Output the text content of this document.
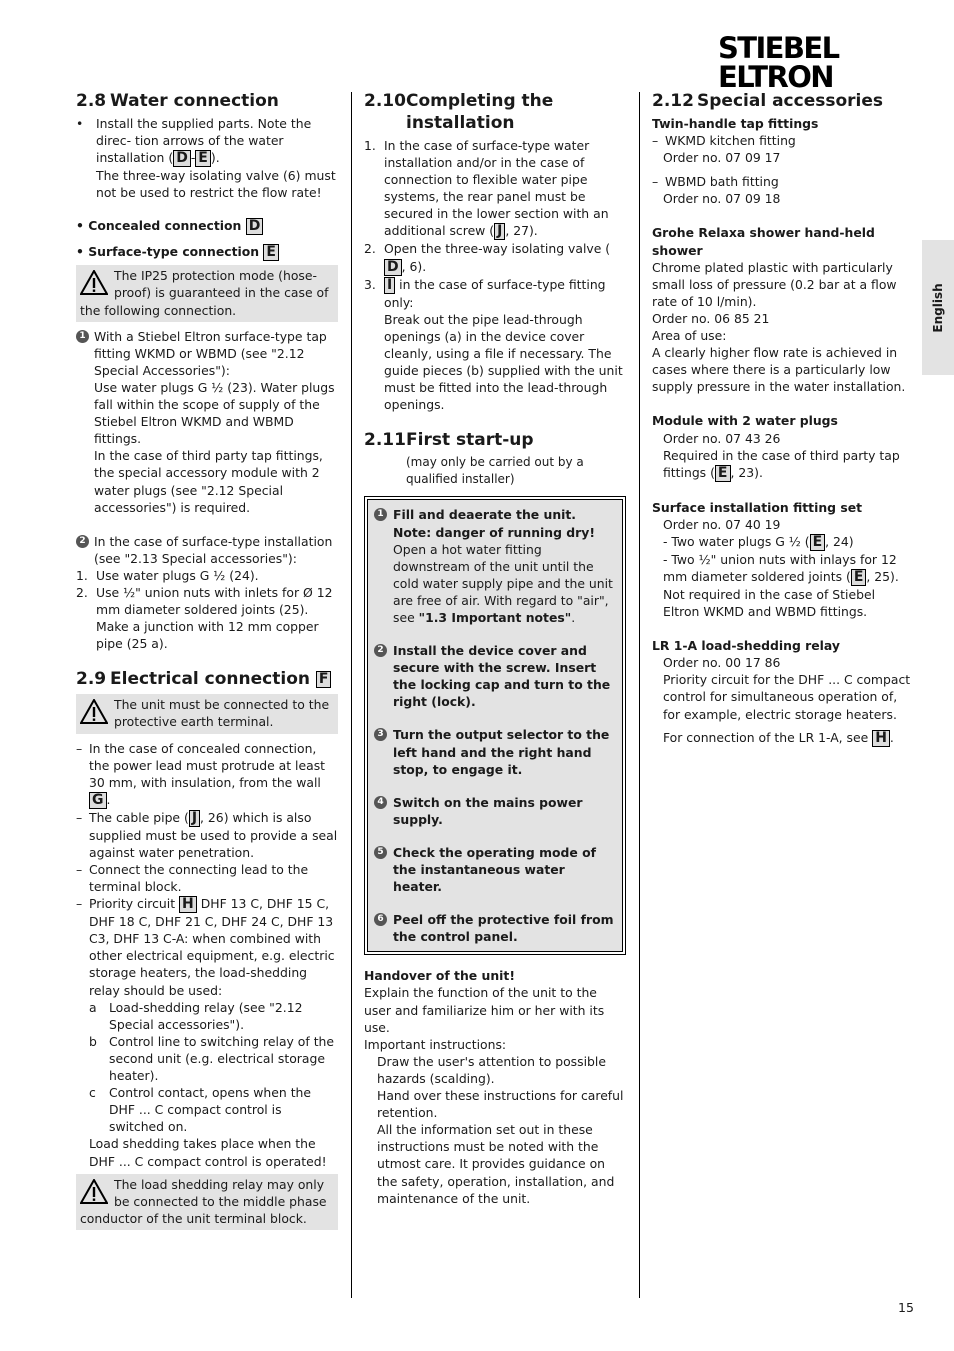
STIEBEL ELTRON
English
2.8 Water connection
• Install the supplied parts. Note the direc- tion arrows of the water installation ( D - E ).

The three-way isolating valve (6) must not be used to restrict the flow rate!

• Concealed connection D

• Surface-type connection E

The IP25 protection mode (hose-proof) is guaranteed in the case of the following connection.
1 With a Stiebel Eltron surface-type tap fitting WKMD or WBMD (see "2.12 Special Accessories"):

Use water plugs G ½ (23). Water plugs fall within the scope of supply of the Stiebel Eltron WKMD and WBMD fittings.

In the case of third party tap fittings, the special accessory module with 2 water plugs (see "2.12 Special accessories") is required.

2 In the case of surface-type installation (see "2.13 Special accessories"):

1. Use water plugs G ½ (24).
2. Use ½" union nuts with inlets for Ø 12 mm diameter soldered joints (25). Make a junction with 12 mm copper pipe (25 a).
2.9 Electrical connection F
The unit must be connected to the protective earth terminal.

– In the case of concealed connection, the power lead must protrude at least 30 mm, with insulation, from the wall G .

– The cable pipe ( J , 26) which is also supplied must be used to provide a seal against water penetration.

– Connect the connecting lead to the terminal block.

– Priority circuit H DHF 13 C, DHF 15 C, DHF 18 C, DHF 21 C, DHF 24 C, DHF 13 C3, DHF 13 C-A: when combined with other electrical equipment, e.g. electric storage heaters, the load-shedding relay should be used:

a Load-shedding relay (see "2.12 Special accessories").
b Control line to switching relay of the second unit (e.g. electrical storage heater).
c Control contact, opens when the DHF ... C compact control is switched on.

Load shedding takes place when the DHF ... C compact control is operated!

The load shedding relay may only be connected to the middle phase conductor of the unit terminal block.
2.10Completing the
installation
1. In the case of surface-type water installation and/or in the case of connection to flexible water pipe systems, the rear panel must be secured in the lower section with an additional screw ( J , 27).
2. Open the three-way isolating valve (D , 6).
3. I in the case of surface-type fitting only:

Break out the pipe lead-through openings (a) in the device cover cleanly, using a file if necessary. The guide pieces (b) supplied with the unit must be fitted into the lead-through openings.

2.11First start-up

(may only be carried out by a qualified installer)

1 Fill and deaerate the unit. Note: danger of running dry! Open a hot water fitting downstream of the unit until the cold water supply pipe and the unit are free of air. With regard to "air", see "1.3 Important notes".
2 Install the device cover and secure with the screw. Insert the locking cap and turn to the right (lock).
3 Turn the output selector to the left hand and the right hand stop, to engage it.
4 Switch on the mains power supply.
5 Check the operating mode of the instantaneous water heater.
6 Peel off the protective foil from the control panel.

Handover of the unit!

Explain the function of the unit to the user and familiarize him or her with its use.

Important instructions:

Draw the user's attention to possible hazards (scalding).

Hand over these instructions for careful retention.

All the information set out in these instructions must be noted with the utmost care. It provides guidance on the safety, operation, installation, and maintenance of the unit.

2.12 Special accessories

Twin-handle tap fittings

– WKMD kitchen fitting

Order no. 07 09 17

– WBMD bath fitting

Order no. 07 09 18

Grohe Relaxa shower hand-held shower

Chrome plated plastic with particularly small loss of pressure (0.2 bar at a flow rate of 10 l/min).

Order no. 06 85 21

Area of use:

A clearly higher flow rate is achieved in cases where there is a particularly low supply pressure in the water installation.

Module with 2 water plugs

Order no. 07 43 26

Required in the case of third party tap fittings ( E , 23).

Surface installation fitting set

Order no. 07 40 19

- Two water plugs G ½ ( E , 24)

- Two ½" union nuts with inlays for 12 mm diameter soldered joints ( E , 25).

Not required in the case of Stiebel Eltron WKMD and WBMD fittings.

LR 1-A load-shedding relay

Order no. 00 17 86

Priority circuit for the DHF ... C compact control for simultaneous operation of, for example, electric storage heaters.

For connection of the LR 1-A, see H .

15
